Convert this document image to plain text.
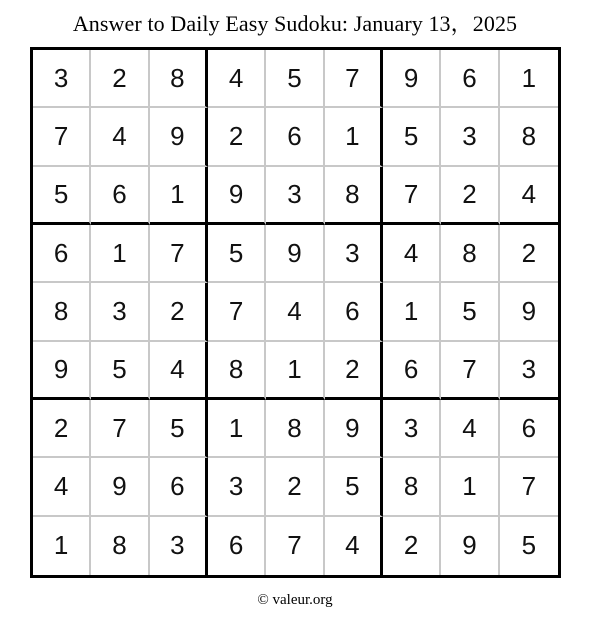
Answer to Daily Easy Sudoku: January 13，2025
3	2	8	4	5	7	9	6	1
7	4	9	2	6	1	5	3	8
5	6	1	9	3	8	7	2	4
6	1	7	5	9	3	4	8	2
8	3	2	7	4	6	1	5	9
9	5	4	8	1	2	6	7	3
2	7	5	1	8	9	3	4	6
4	9	6	3	2	5	8	1	7
1	8	3	6	7	4	2	9	5
© valeur.org
